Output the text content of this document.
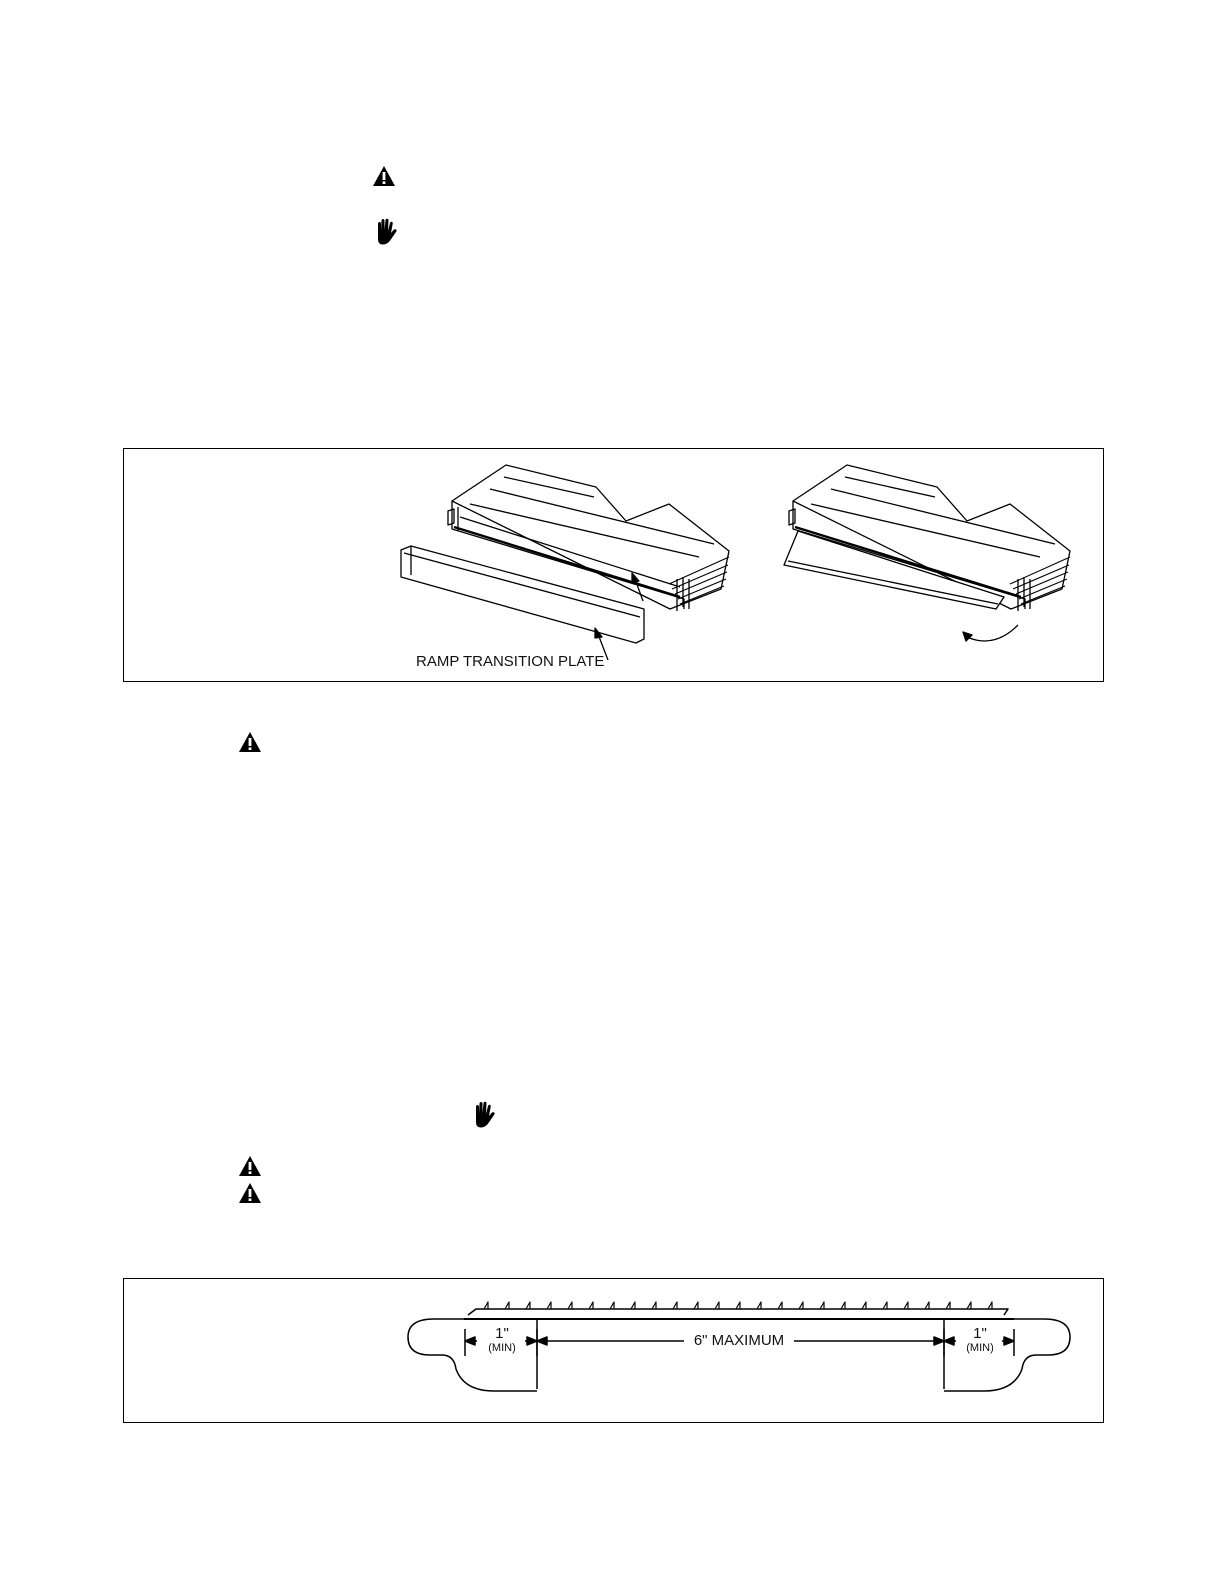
RAMP TRANSITION PLATE
1"
(MIN)	6" MAXIMUM	1"
(MIN)
